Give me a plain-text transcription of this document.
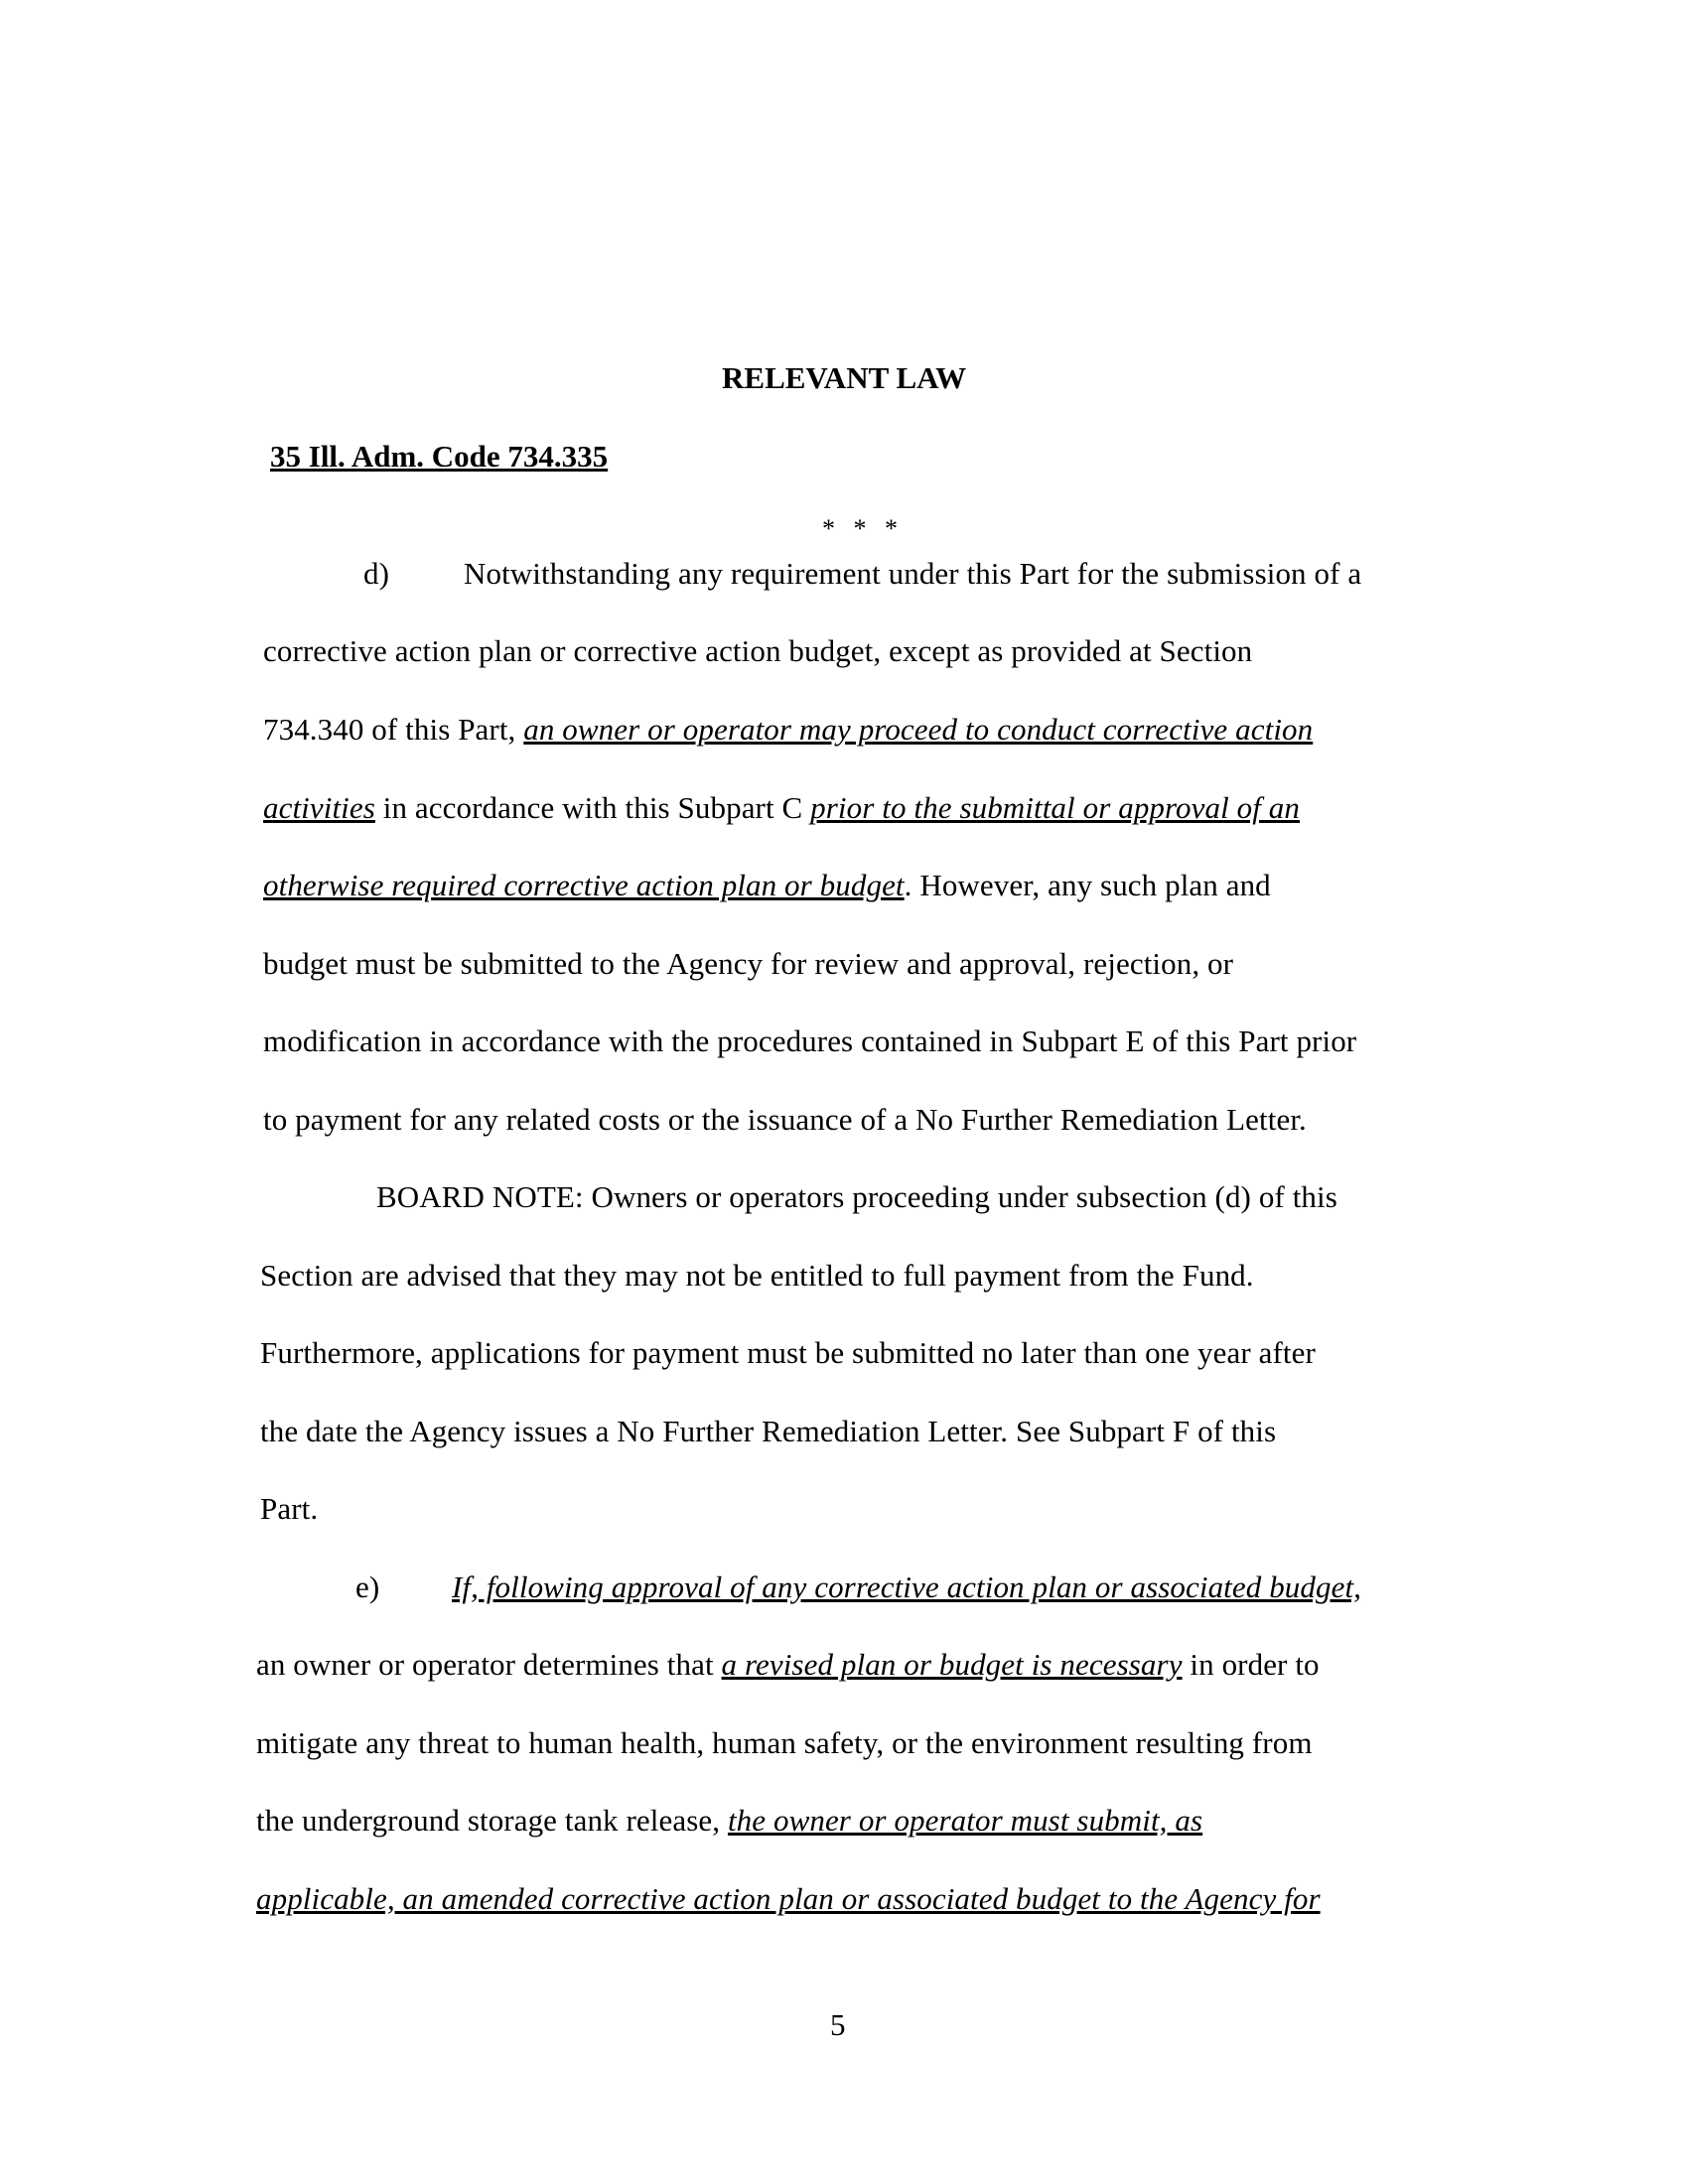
RELEVANT LAW
35 Ill. Adm. Code 734.335
* * *
d) Notwithstanding any requirement under this Part for the submission of a
corrective action plan or corrective action budget, except as provided at Section
734.340 of this Part, an owner or operator may proceed to conduct corrective action
activities in accordance with this Subpart C prior to the submittal or approval of an
otherwise required corrective action plan or budget. However, any such plan and
budget must be submitted to the Agency for review and approval, rejection, or
modification in accordance with the procedures contained in Subpart E of this Part prior
to payment for any related costs or the issuance of a No Further Remediation Letter.
BOARD NOTE: Owners or operators proceeding under subsection (d) of this
Section are advised that they may not be entitled to full payment from the Fund.
Furthermore, applications for payment must be submitted no later than one year after
the date the Agency issues a No Further Remediation Letter. See Subpart F of this
Part.
e) If, following approval of any corrective action plan or associated budget,
an owner or operator determines that a revised plan or budget is necessary in order to
mitigate any threat to human health, human safety, or the environment resulting from
the underground storage tank release, the owner or operator must submit, as
applicable, an amended corrective action plan or associated budget to the Agency for
5
